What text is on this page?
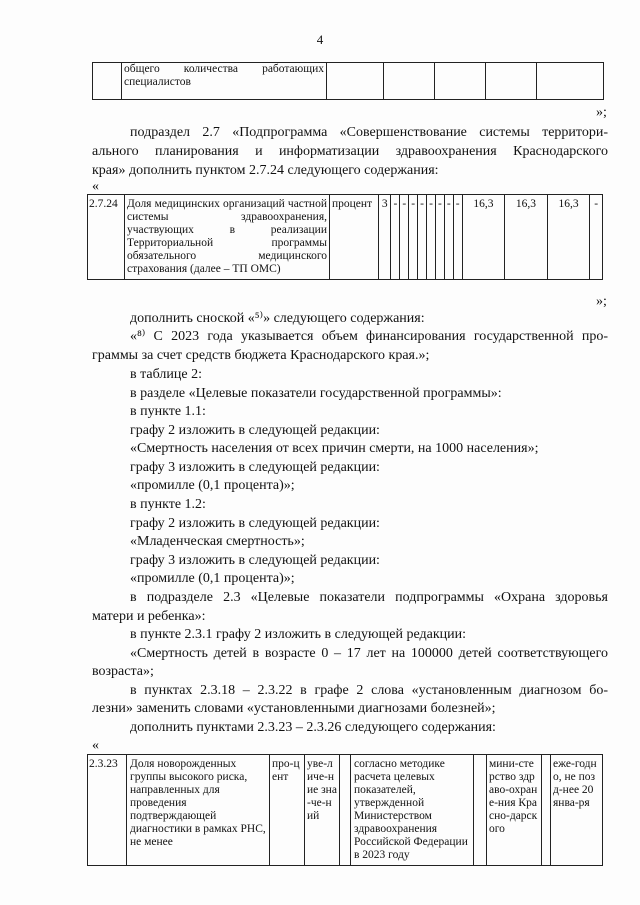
4
	общего количества работающих специалистов					
»;
подраздел 2.7 «Подпрограмма «Совершенствование системы территори-
ального планирования и информатизации здравоохранения Краснодарского
края» дополнить пунктом 2.7.24 следующего содержания:
«
2.7.24	Доля медицинских организаций частной системы здравоохранения, участвующих в реализации Территориальной программы обязательного медицинского страхования (далее – ТП ОМС)	процент	3	-	-	-	-	-	-	-	-	16,3	16,3	16,3	-
»;
дополнить сноской «⁵⁾» следующего содержания:
«⁸⁾ С 2023 года указывается объем финансирования государственной про-
граммы за счет средств бюджета Краснодарского края.»;
в таблице 2:
в разделе «Целевые показатели государственной программы»:
в пункте 1.1:
графу 2 изложить в следующей редакции:
«Смертность населения от всех причин смерти, на 1000 населения»;
графу 3 изложить в следующей редакции:
«промилле (0,1 процента)»;
в пункте 1.2:
графу 2 изложить в следующей редакции:
«Младенческая смертность»;
графу 3 изложить в следующей редакции:
«промилле (0,1 процента)»;
в подразделе 2.3 «Целевые показатели подпрограммы «Охрана здоровья
матери и ребенка»:
в пункте 2.3.1 графу 2 изложить в следующей редакции:
«Смертность детей в возрасте 0 – 17 лет на 100000 детей соответствующего
возраста»;
в пунктах 2.3.18 – 2.3.22 в графе 2 слова «установленным диагнозом бо-
лезни» заменить словами «установленными диагнозами болезней»;
дополнить пунктами 2.3.23 – 2.3.26 следующего содержания:
«
2.3.23	Доля новорожденных группы высокого риска, направленных для проведения подтверждающей диагностики в рамках РНС, не менее	про-цент	уве-личе-ние зна-че-ний		согласно методике расчета целевых показателей, утвержденной Министерством здравоохранения Российской Федерации в 2023 году		мини-стерство здраво-охране-ния Красно-дарского		еже-годно, не позд-нее 20 янва-ря
